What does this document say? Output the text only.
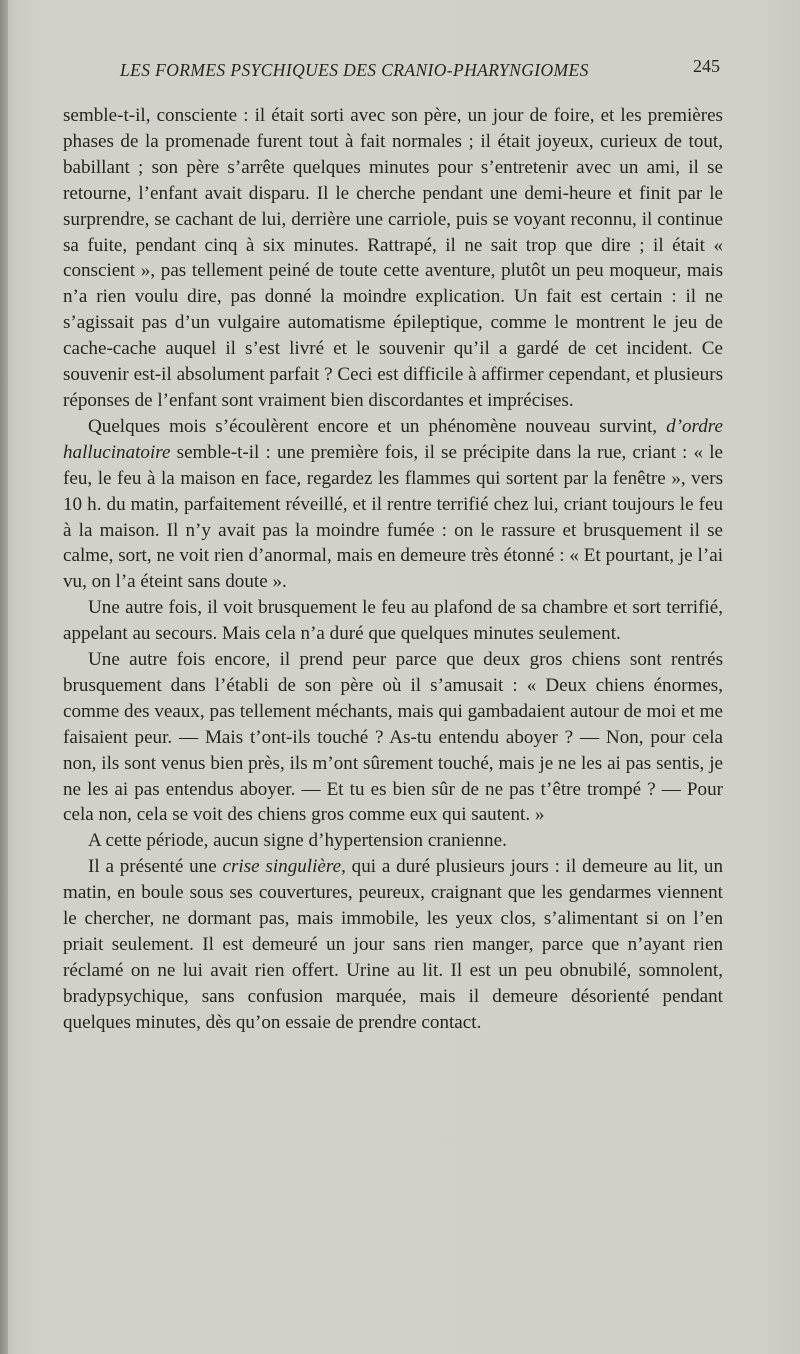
LES FORMES PSYCHIQUES DES CRANIO-PHARYNGIOMES	245

semble-t-il, consciente : il était sorti avec son père, un jour de foire, et les premières phases de la promenade furent tout à fait normales ; il était joyeux, curieux de tout, babillant ; son père s’arrête quelques minutes pour s’entretenir avec un ami, il se retourne, l’enfant avait disparu. Il le cherche pendant une demi-heure et finit par le surprendre, se cachant de lui, derrière une carriole, puis se voyant reconnu, il continue sa fuite, pendant cinq à six minutes. Rattrapé, il ne sait trop que dire ; il était « conscient », pas tellement peiné de toute cette aventure, plutôt un peu moqueur, mais n’a rien voulu dire, pas donné la moindre explication. Un fait est certain : il ne s’agissait pas d’un vulgaire automatisme épileptique, comme le montrent le jeu de cache-cache auquel il s’est livré et le souvenir qu’il a gardé de cet incident. Ce souvenir est-il absolument parfait ? Ceci est difficile à affirmer cependant, et plusieurs réponses de l’enfant sont vraiment bien discordantes et imprécises.

Quelques mois s’écoulèrent encore et un phénomène nouveau survint, d’ordre hallucinatoire semble-t-il : une première fois, il se précipite dans la rue, criant : « le feu, le feu à la maison en face, regardez les flammes qui sortent par la fenêtre », vers 10 h. du matin, parfaitement réveillé, et il rentre terrifié chez lui, criant toujours le feu à la maison. Il n’y avait pas la moindre fumée : on le rassure et brusquement il se calme, sort, ne voit rien d’anormal, mais en demeure très étonné : « Et pourtant, je l’ai vu, on l’a éteint sans doute ».

Une autre fois, il voit brusquement le feu au plafond de sa chambre et sort terrifié, appelant au secours. Mais cela n’a duré que quelques minutes seulement.

Une autre fois encore, il prend peur parce que deux gros chiens sont rentrés brusquement dans l’établi de son père où il s’amusait : « Deux chiens énormes, comme des veaux, pas tellement méchants, mais qui gambadaient autour de moi et me faisaient peur. — Mais t’ont-ils touché ? As-tu entendu aboyer ? — Non, pour cela non, ils sont venus bien près, ils m’ont sûrement touché, mais je ne les ai pas sentis, je ne les ai pas entendus aboyer. — Et tu es bien sûr de ne pas t’être trompé ? — Pour cela non, cela se voit des chiens gros comme eux qui sautent. »

A cette période, aucun signe d’hypertension cranienne.

Il a présenté une crise singulière, qui a duré plusieurs jours : il demeure au lit, un matin, en boule sous ses couvertures, peureux, craignant que les gendarmes viennent le chercher, ne dormant pas, mais immobile, les yeux clos, s’alimentant si on l’en priait seulement. Il est demeuré un jour sans rien manger, parce que n’ayant rien réclamé on ne lui avait rien offert. Urine au lit. Il est un peu obnubilé, somnolent, bradypsychique, sans confusion marquée, mais il demeure désorienté pendant quelques minutes, dès qu’on essaie de prendre contact.
